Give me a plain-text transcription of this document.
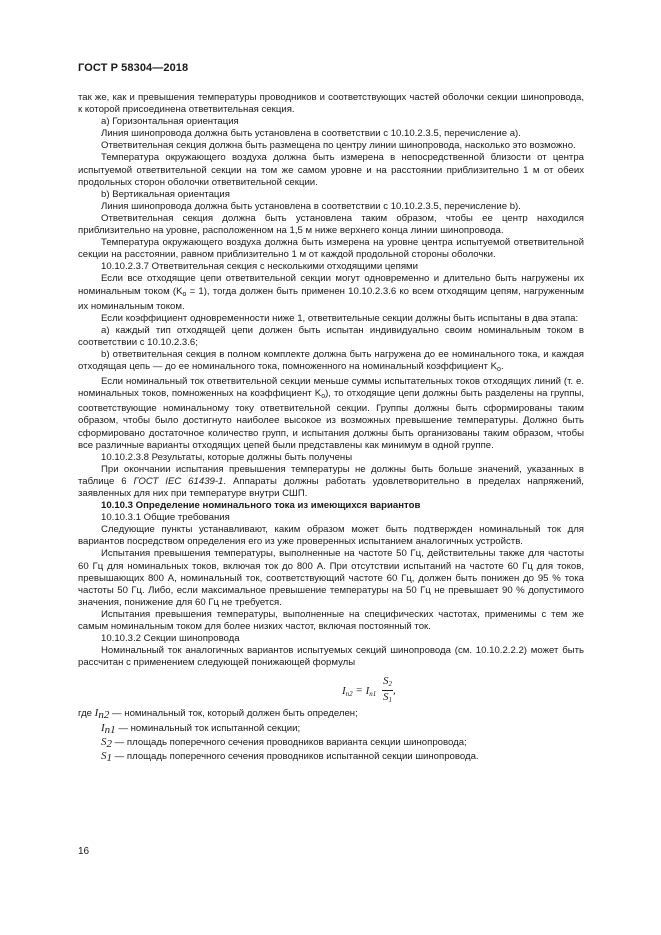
ГОСТ Р 58304—2018

так же, как и превышения температуры проводников и соответствующих частей оболочки секции шинопровода, к которой присоединена ответвительная секция.

а) Горизонтальная ориентация

Линия шинопровода должна быть установлена в соответствии с 10.10.2.3.5, перечисление а).

Ответвительная секция должна быть размещена по центру линии шинопровода, насколько это возможно.

Температура окружающего воздуха должна быть измерена в непосредственной близости от центра испытуемой ответвительной секции на том же самом уровне и на расстоянии приблизительно 1 м от обеих продольных сторон оболочки ответвительной секции.

b) Вертикальная ориентация

Линия шинопровода должна быть установлена в соответствии с 10.10.2.3.5, перечисление b).

Ответвительная секция должна быть установлена таким образом, чтобы ее центр находился приблизительно на уровне, расположенном на 1,5 м ниже верхнего конца линии шинопровода.

Температура окружающего воздуха должна быть измерена на уровне центра испытуемой ответвительной секции на расстоянии, равном приблизительно 1 м от каждой продольной стороны оболочки.

10.10.2.3.7 Ответвительная секция с несколькими отходящими цепями

Если все отходящие цепи ответвительной секции могут одновременно и длительно быть нагружены их номинальным током $(K_o = 1)$, тогда должен быть применен 10.10.2.3.6 ко всем отходящим цепям, нагруженным их номинальным током.

Если коэффициент одновременности ниже 1, ответвительные секции должны быть испытаны в два этапа:

а) каждый тип отходящей цепи должен быть испытан индивидуально своим номинальным током в соответствии с 10.10.2.3.6;

b) ответвительная секция в полном комплекте должна быть нагружена до ее номинального тока, и каждая отходящая цепь — до ее номинального тока, помноженного на номинальный коэффициент $K_o$.

Если номинальный ток ответвительной секции меньше суммы испытательных токов отходящих линий (т. е. номинальных токов, помноженных на коэффициент $K_o$), то отходящие цепи должны быть разделены на группы, соответствующие номинальному току ответвительной секции. Группы должны быть сформированы таким образом, чтобы было достигнуто наиболее высокое из возможных превышение температуры. Должно быть сформировано достаточное количество групп, и испытания должны быть организованы таким образом, чтобы все различные варианты отходящих цепей были представлены как минимум в одной группе.

10.10.2.3.8 Результаты, которые должны быть получены

При окончании испытания превышения температуры не должны быть больше значений, указанных в таблице 6 ГОСТ IEC 61439-1. Аппараты должны работать удовлетворительно в пределах напряжений, заявленных для них при температуре внутри СШП.

10.10.3 Определение номинального тока из имеющихся вариантов

10.10.3.1 Общие требования

Следующие пункты устанавливают, каким образом может быть подтвержден номинальный ток для вариантов посредством определения его из уже проверенных испытанием аналогичных устройств.

Испытания превышения температуры, выполненные на частоте 50 Гц, действительны также для частоты 60 Гц для номинальных токов, включая ток до 800 А. При отсутствии испытаний на частоте 60 Гц для токов, превышающих 800 А, номинальный ток, соответствующий частоте 60 Гц, должен быть понижен до 95 % тока частоты 50 Гц. Либо, если максимальное превышение температуры на 50 Гц не превышает 90 % допустимого значения, понижение для 60 Гц не требуется.

Испытания превышения температуры, выполненные на специфических частотах, применимы с тем же самым номинальным током для более низких частот, включая постоянный ток.

10.10.3.2 Секции шинопровода

Номинальный ток аналогичных вариантов испытуемых секций шинопровода (см. 10.10.2.2.2) может быть рассчитан с применением следующей понижающей формулы

$I_{n2} = I_{n1} \frac{S_2}{S_1}$ ,

где $I_{n2}$ — номинальный ток, который должен быть определен;

$I_{n1}$ — номинальный ток испытанной секции;

$S_2$ — площадь поперечного сечения проводников варианта секции шинопровода;

$S_1$ — площадь поперечного сечения проводников испытанной секции шинопровода.

16
